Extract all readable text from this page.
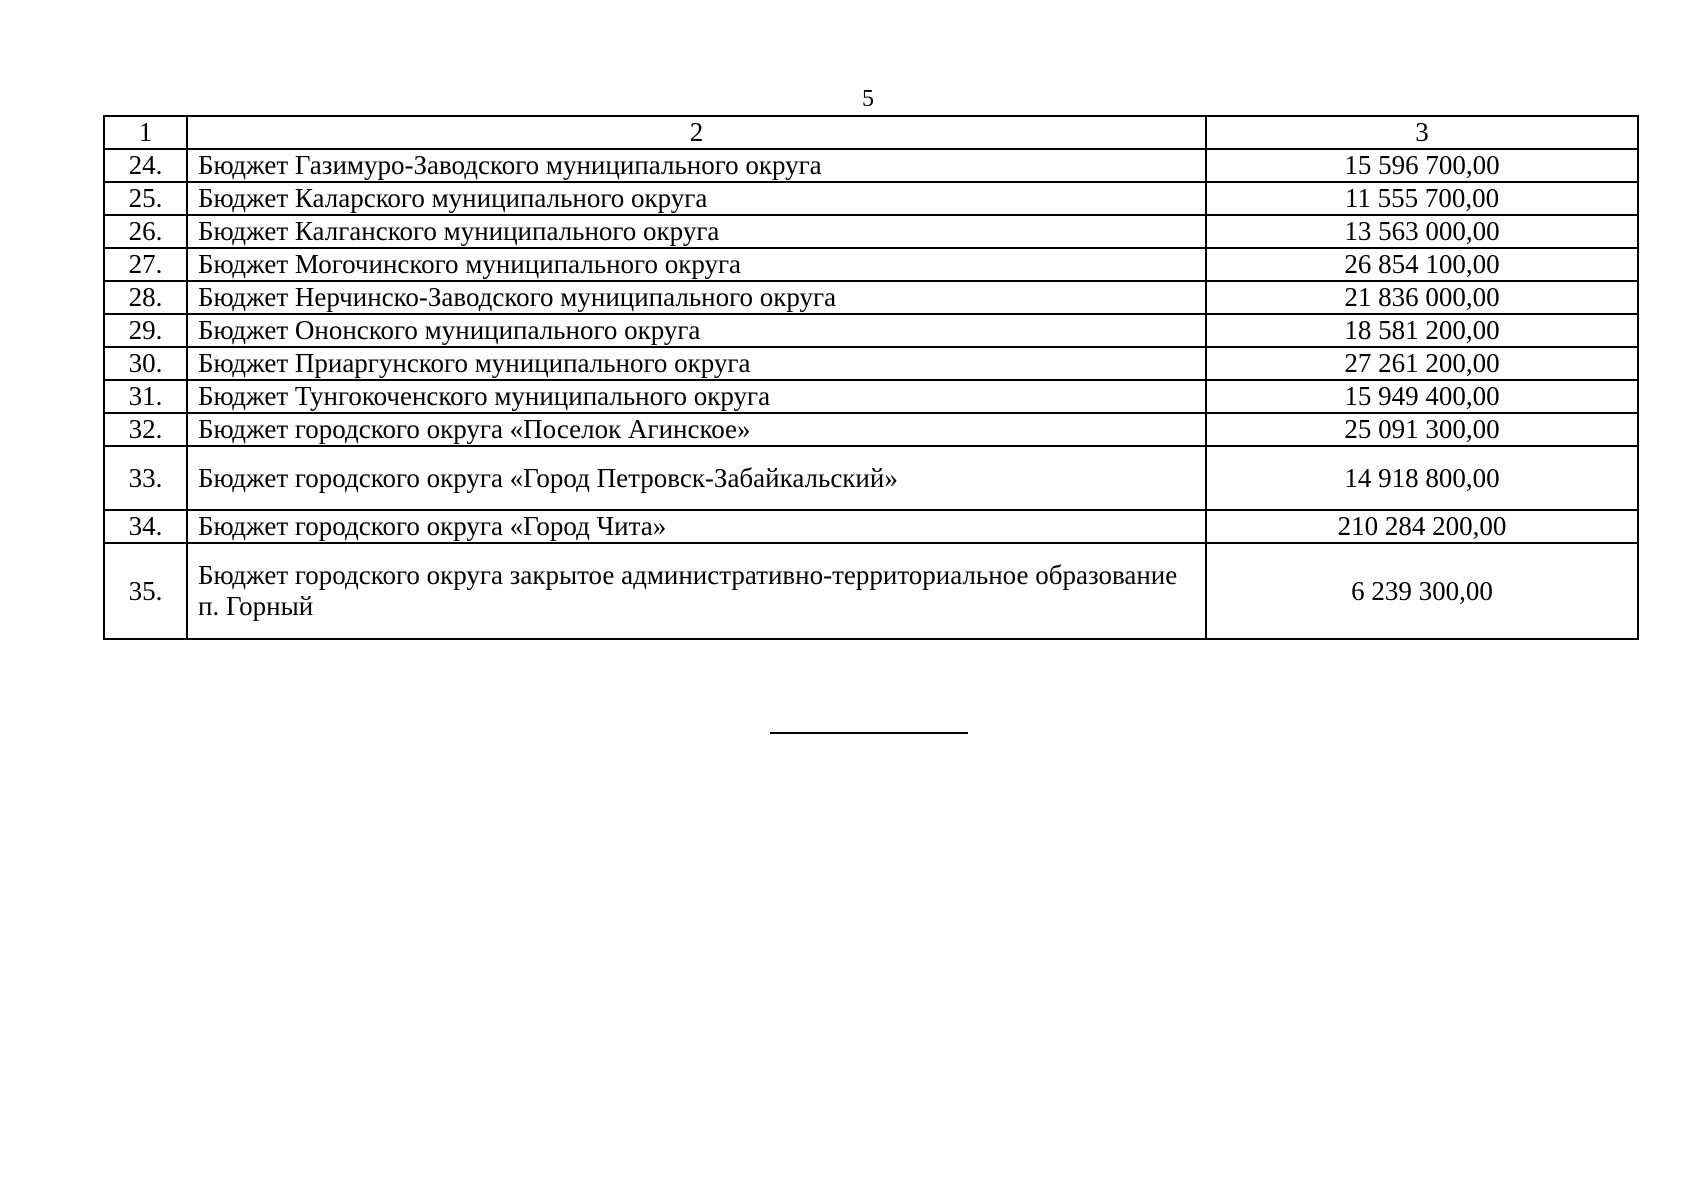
5
1	2	3
24.	Бюджет Газимуро-Заводского муниципального округа	15 596 700,00
25.	Бюджет Каларского муниципального округа	11 555 700,00
26.	Бюджет Калганского муниципального округа	13 563 000,00
27.	Бюджет Могочинского муниципального округа	26 854 100,00
28.	Бюджет Нерчинско-Заводского муниципального округа	21 836 000,00
29.	Бюджет Ононского муниципального округа	18 581 200,00
30.	Бюджет Приаргунского муниципального округа	27 261 200,00
31.	Бюджет Тунгокоченского муниципального округа	15 949 400,00
32.	Бюджет городского округа «Поселок Агинское»	25 091 300,00
33.	Бюджет городского округа «Город Петровск-Забайкальский»	14 918 800,00
34.	Бюджет городского округа «Город Чита»	210 284 200,00
35.	Бюджет городского округа закрытое административно-территориальное образование п. Горный	6 239 300,00
